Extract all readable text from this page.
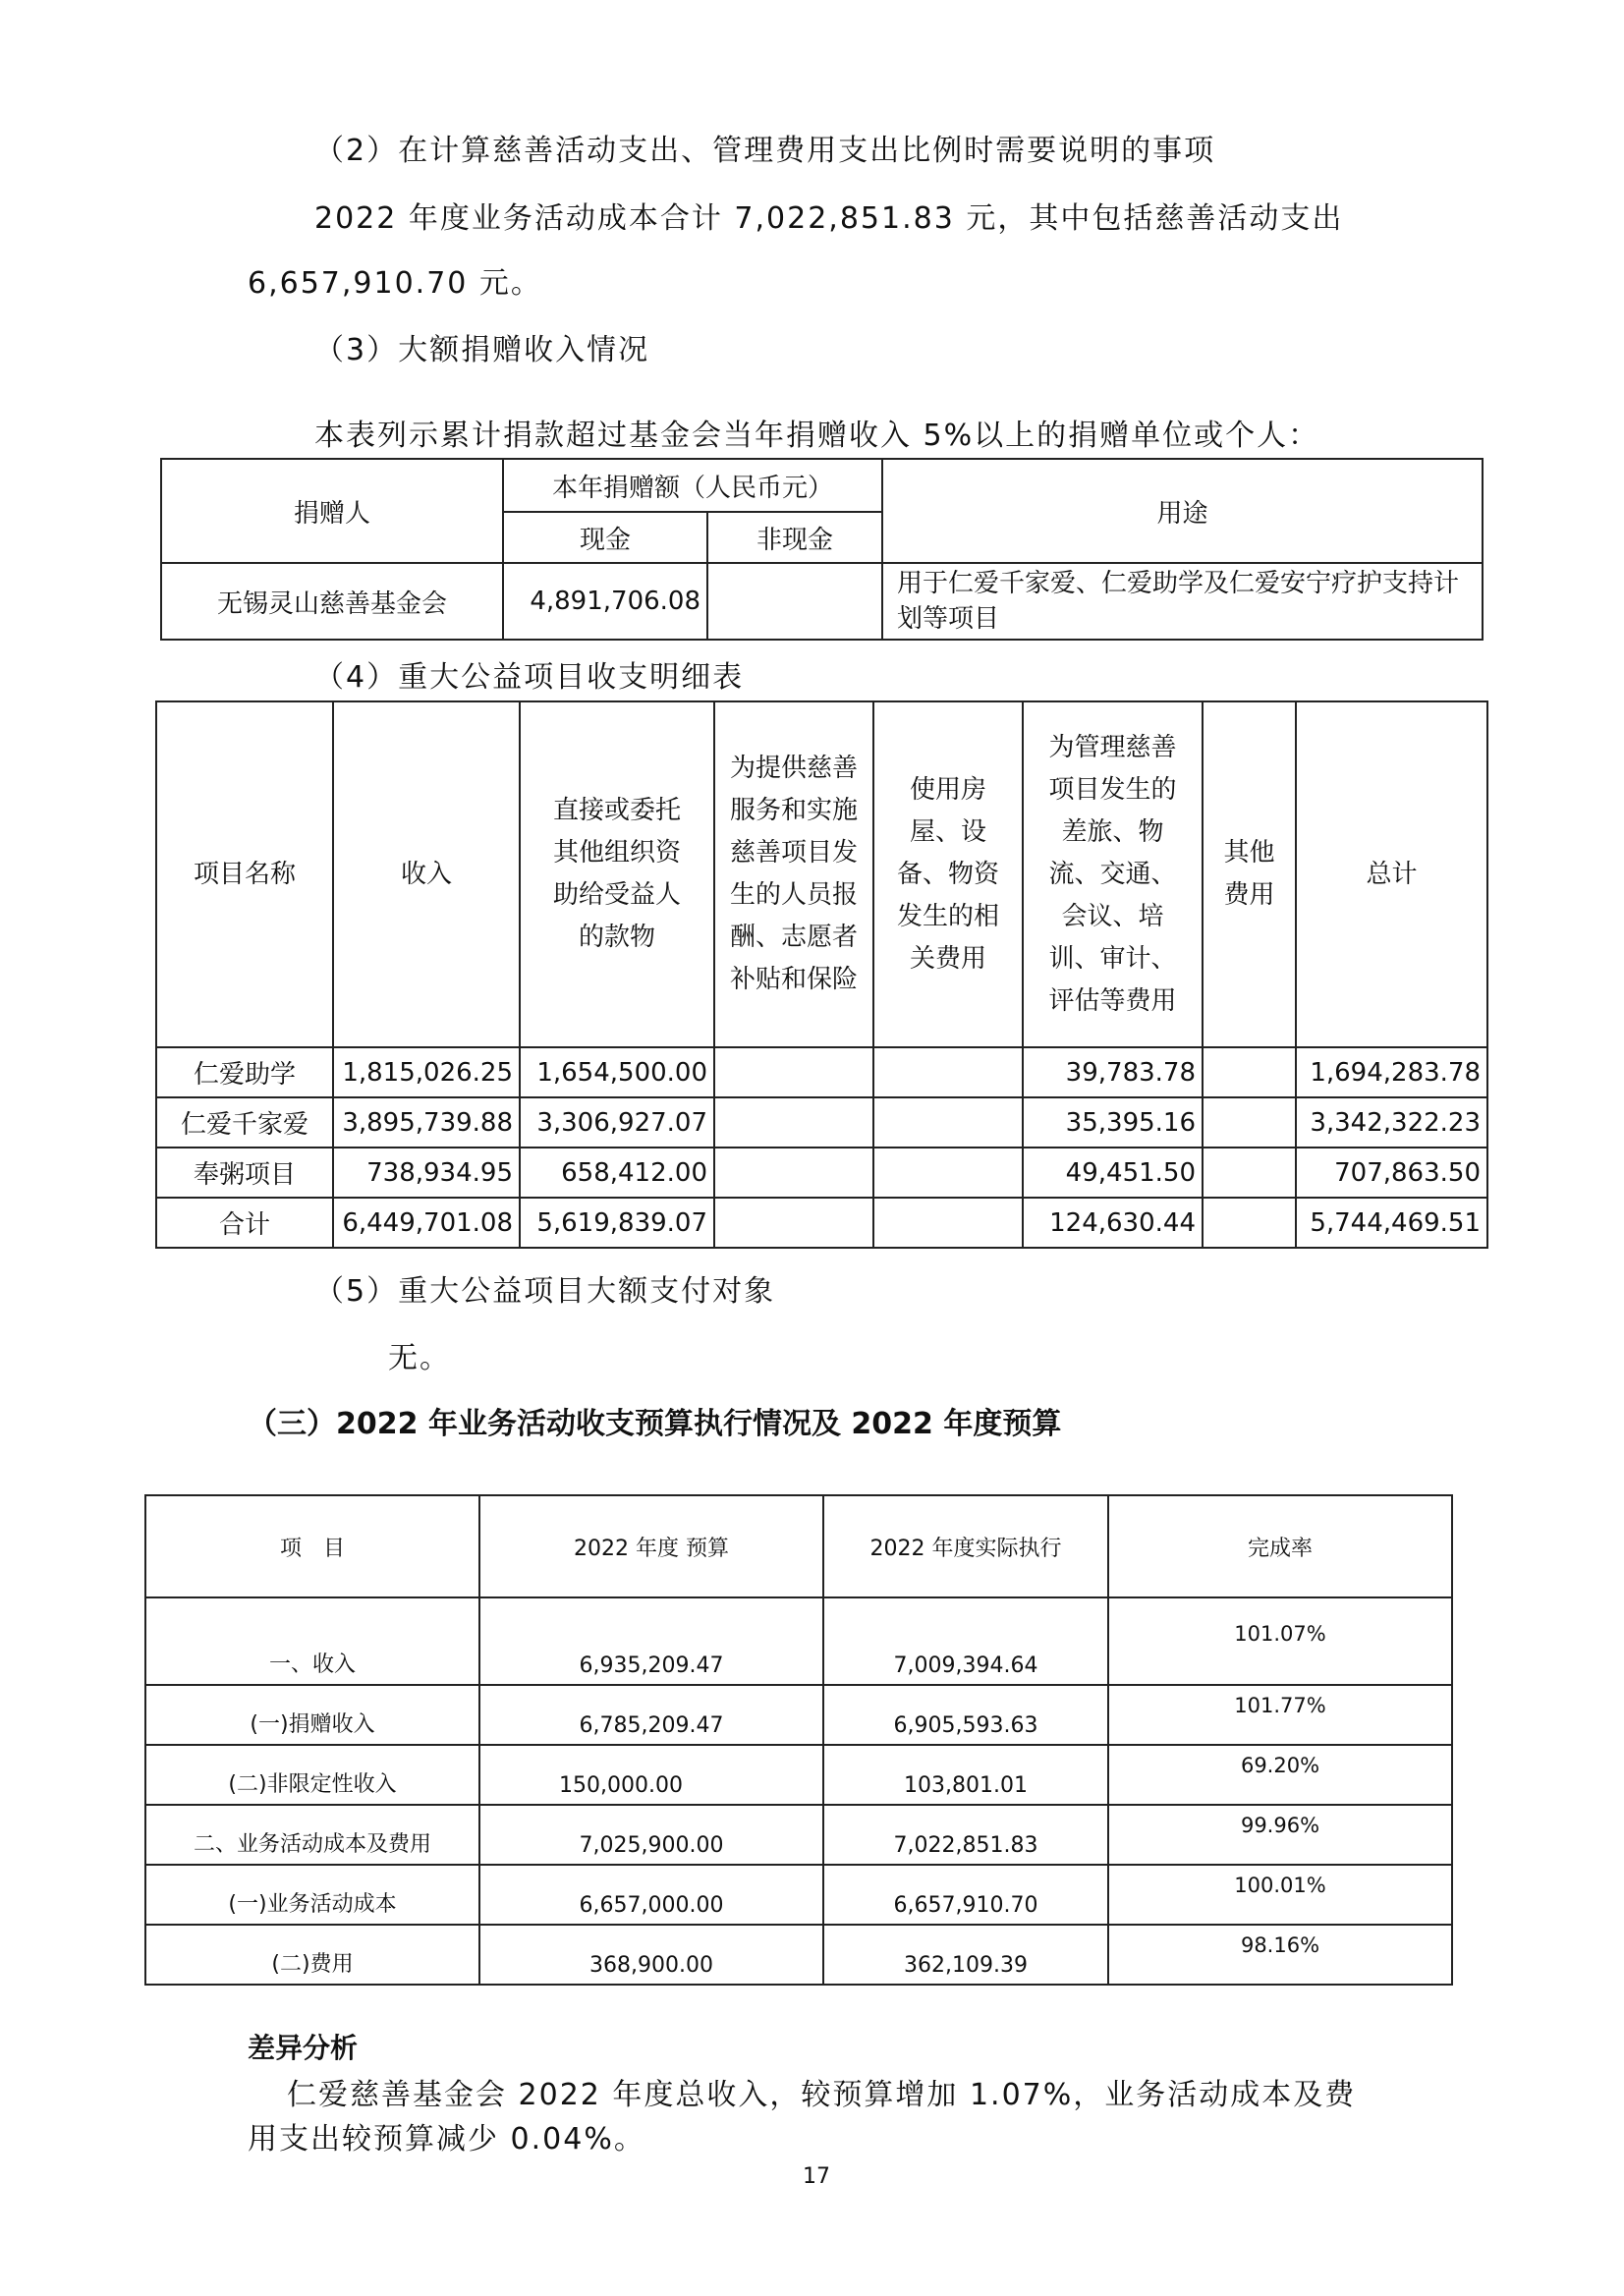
（2）在计算慈善活动支出、管理费用支出比例时需要说明的事项
2022 年度业务活动成本合计 7,022,851.83 元，其中包括慈善活动支出
6,657,910.70 元。
（3）大额捐赠收入情况
本表列示累计捐款超过基金会当年捐赠收入 5%以上的捐赠单位或个人：
捐赠人	本年捐赠额（人民币元）		用途
	现金	非现金	
无锡灵山慈善基金会	4,891,706.08		用于仁爱千家爱、仁爱助学及仁爱安宁疗护支持计划等项目
（4）重大公益项目收支明细表
项目名称	收入	直接或委托其他组织资助给受益人的款物	为提供慈善服务和实施慈善项目发生的人员报酬、志愿者补贴和保险	使用房屋、设备、物资发生的相关费用	为管理慈善项目发生的差旅、物流、交通、会议、培训、审计、评估等费用	其他费用	总计
仁爱助学	1,815,026.25	1,654,500.00			39,783.78		1,694,283.78
仁爱千家爱	3,895,739.88	3,306,927.07			35,395.16		3,342,322.23
奉粥项目	738,934.95	658,412.00			49,451.50		707,863.50
合计	6,449,701.08	5,619,839.07			124,630.44		5,744,469.51
（5）重大公益项目大额支付对象
无。
（三）2022 年业务活动收支预算执行情况及 2022 年度预算
项　目	2022 年度 预算	2022 年度实际执行	完成率
一、收入	6,935,209.47	7,009,394.64	101.07%
(一)捐赠收入	6,785,209.47	6,905,593.63	101.77%
(二)非限定性收入	150,000.00	103,801.01	69.20%
二、业务活动成本及费用	7,025,900.00	7,022,851.83	99.96%
(一)业务活动成本	6,657,000.00	6,657,910.70	100.01%
(二)费用	368,900.00	362,109.39	98.16%
差异分析
仁爱慈善基金会 2022 年度总收入，较预算增加 1.07%，业务活动成本及费
用支出较预算减少 0.04%。
17
